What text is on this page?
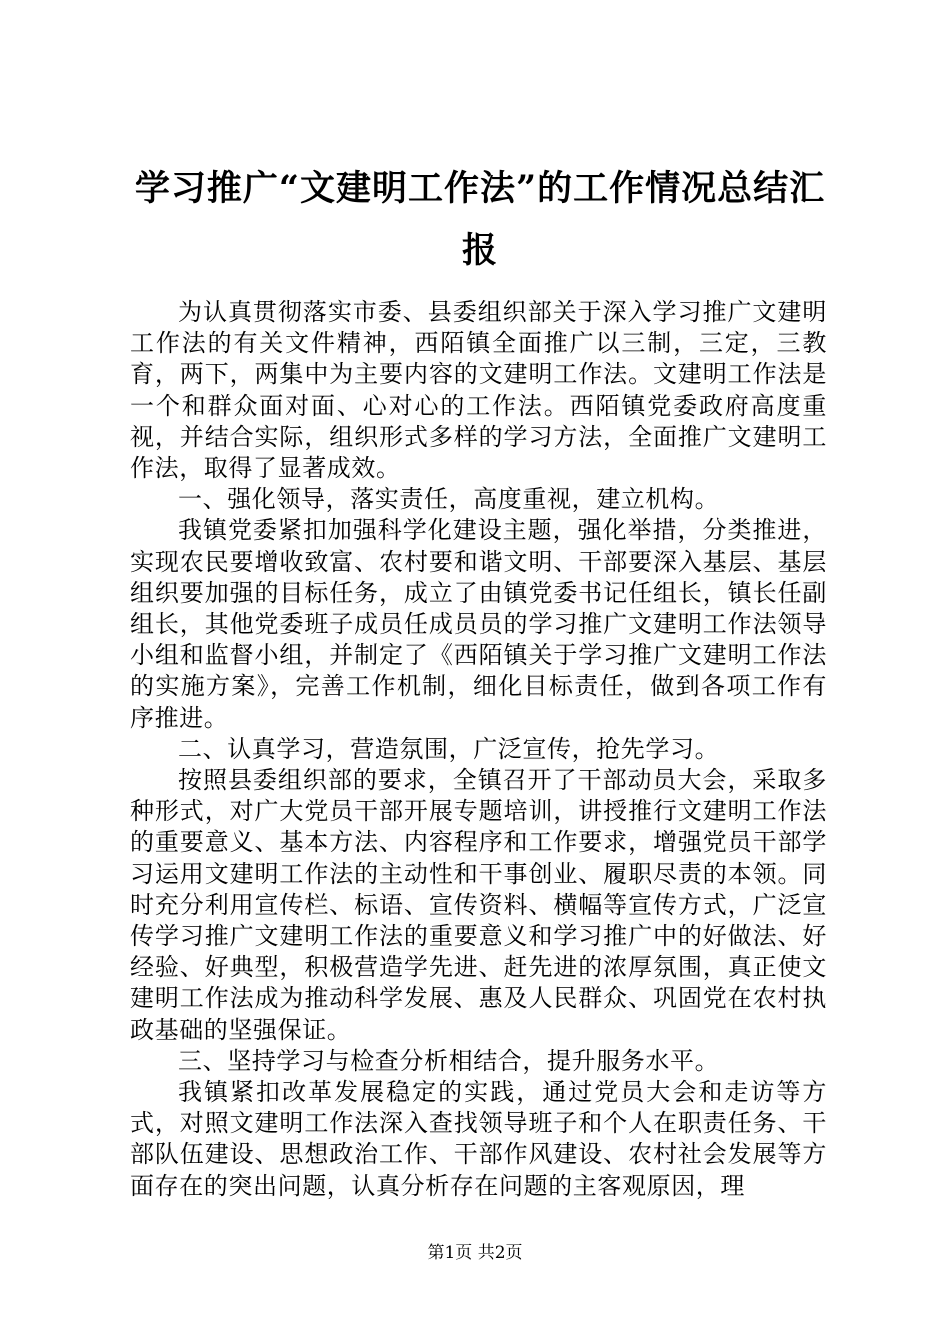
学习推广“文建明工作法”的工作情况总结汇报

为认真贯彻落实市委、县委组织部关于深入学习推广文建明工作法的有关文件精神，西陌镇全面推广以三制，三定，三教育，两下，两集中为主要内容的文建明工作法。文建明工作法是一个和群众面对面、心对心的工作法。西陌镇党委政府高度重视，并结合实际，组织形式多样的学习方法，全面推广文建明工作法，取得了显著成效。

一、强化领导，落实责任，高度重视，建立机构。

我镇党委紧扣加强科学化建设主题，强化举措，分类推进，实现农民要增收致富、农村要和谐文明、干部要深入基层、基层组织要加强的目标任务，成立了由镇党委书记任组长，镇长任副组长，其他党委班子成员任成员员的学习推广文建明工作法领导小组和监督小组，并制定了《西陌镇关于学习推广文建明工作法的实施方案》，完善工作机制，细化目标责任，做到各项工作有序推进。

二、认真学习，营造氛围，广泛宣传，抢先学习。

按照县委组织部的要求，全镇召开了干部动员大会，采取多种形式，对广大党员干部开展专题培训，讲授推行文建明工作法的重要意义、基本方法、内容程序和工作要求，增强党员干部学习运用文建明工作法的主动性和干事创业、履职尽责的本领。同时充分利用宣传栏、标语、宣传资料、横幅等宣传方式，广泛宣传学习推广文建明工作法的重要意义和学习推广中的好做法、好经验、好典型，积极营造学先进、赶先进的浓厚氛围，真正使文建明工作法成为推动科学发展、惠及人民群众、巩固党在农村执政基础的坚强保证。

三、坚持学习与检查分析相结合，提升服务水平。

我镇紧扣改革发展稳定的实践，通过党员大会和走访等方式，对照文建明工作法深入查找领导班子和个人在职责任务、干部队伍建设、思想政治工作、干部作风建设、农村社会发展等方面存在的突出问题，认真分析存在问题的主客观原因，理

第1页 共2页
